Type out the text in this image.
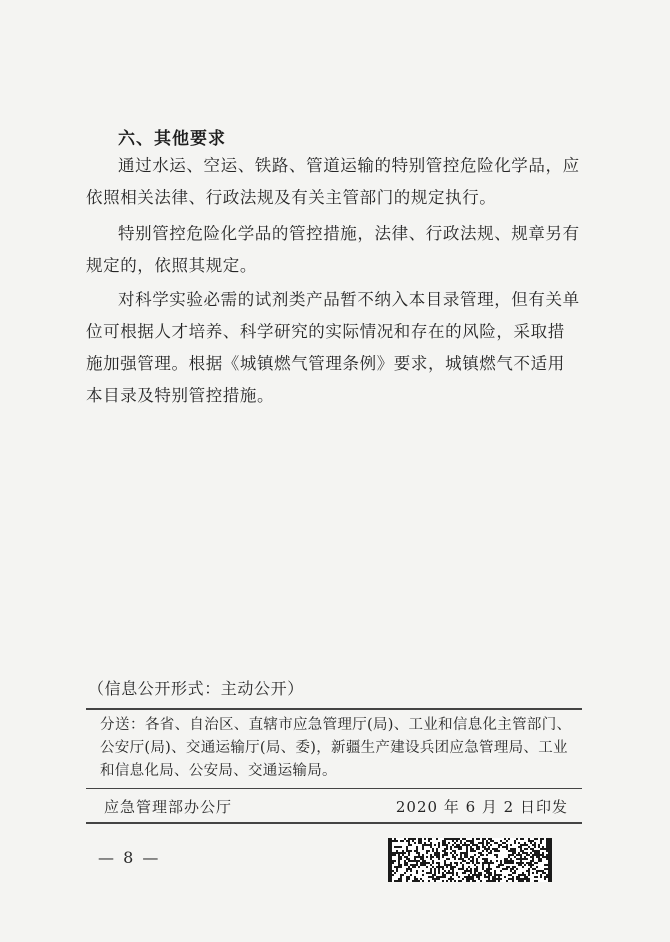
六、其他要求

通过水运、空运、铁路、管道运输的特别管控危险化学品，应依照相关法律、行政法规及有关主管部门的规定执行。

特别管控危险化学品的管控措施，法律、行政法规、规章另有规定的，依照其规定。

对科学实验必需的试剂类产品暂不纳入本目录管理，但有关单位可根据人才培养、科学研究的实际情况和存在的风险，采取措施加强管理。根据《城镇燃气管理条例》要求，城镇燃气不适用本目录及特别管控措施。

（信息公开形式：主动公开）

分送：各省、自治区、直辖市应急管理厅(局)、工业和信息化主管部门、公安厅(局)、交通运输厅(局、委)，新疆生产建设兵团应急管理局、工业和信息化局、公安局、交通运输局。

应急管理部办公厅	2020 年 6 月 2 日印发
— 8 —
